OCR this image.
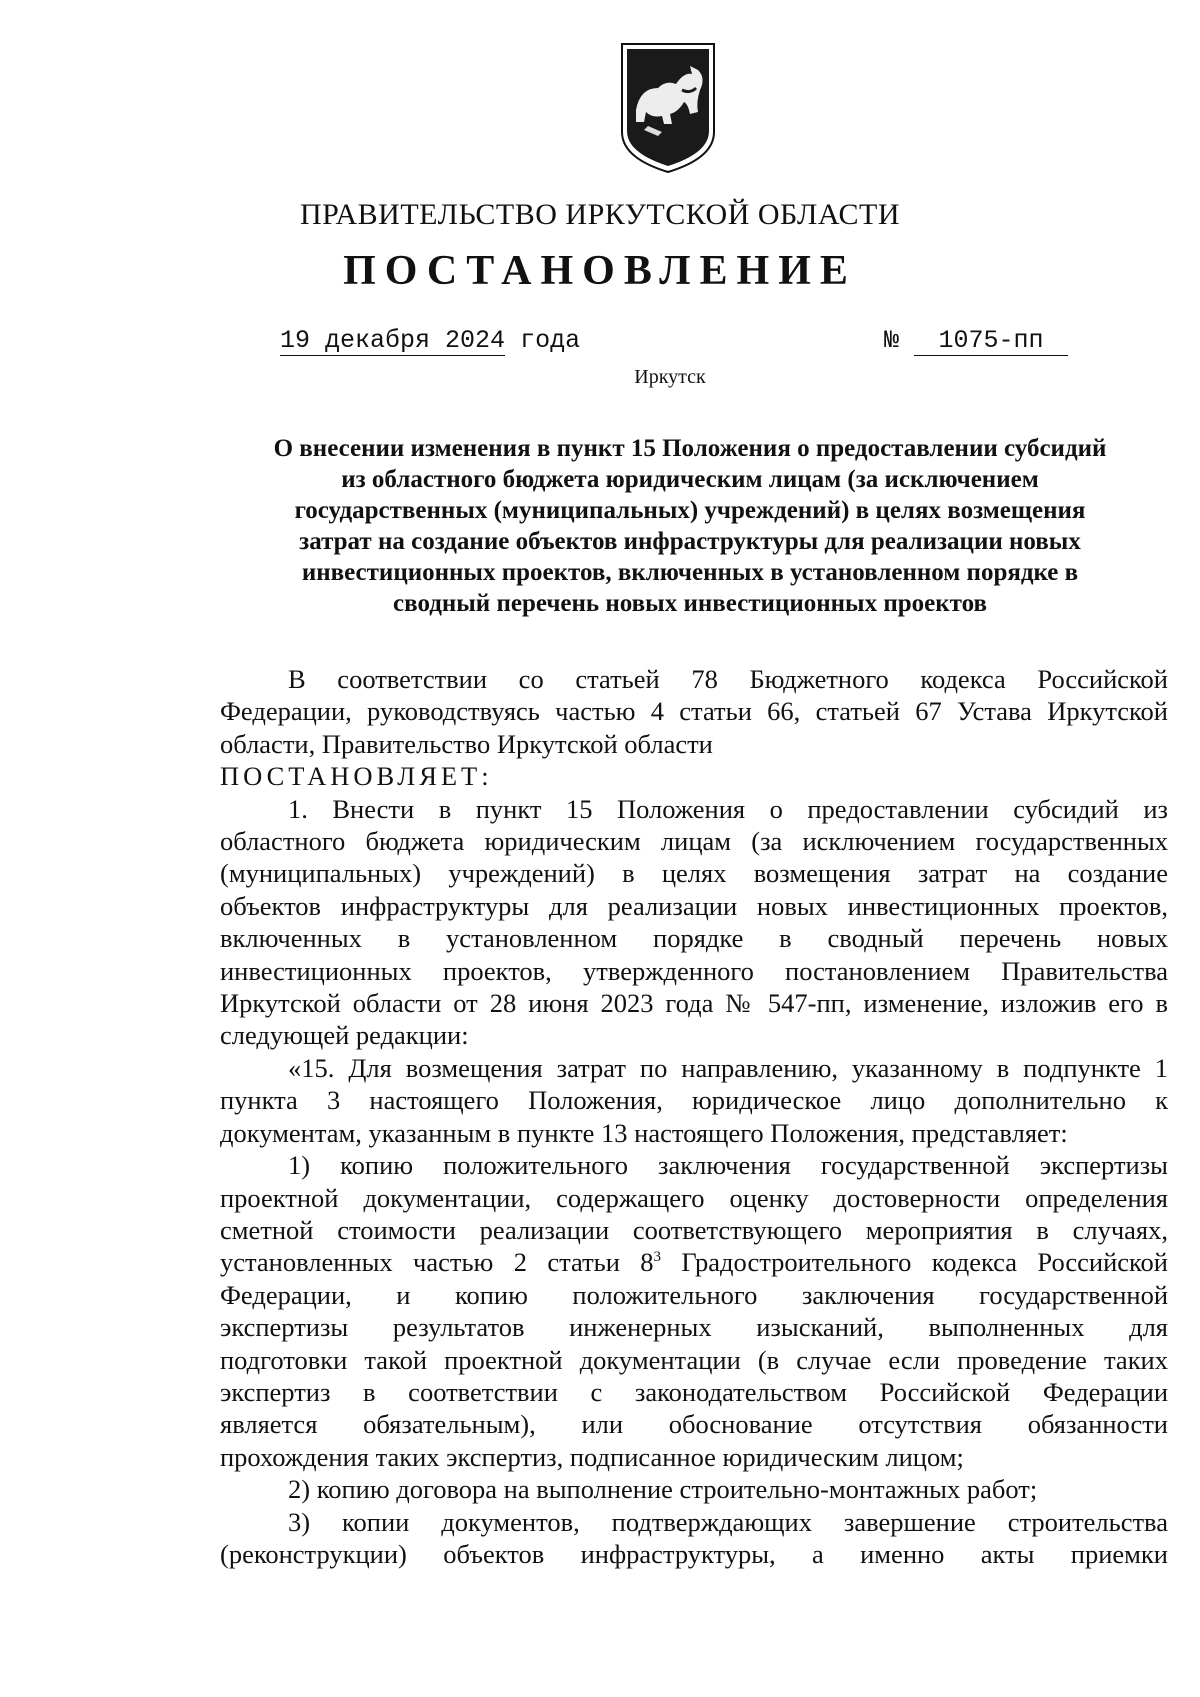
ПРАВИТЕЛЬСТВО ИРКУТСКОЙ ОБЛАСТИ
ПОСТАНОВЛЕНИЕ
19 декабря 2024 года	№ 1075-пп
Иркутск
О внесении изменения в пункт 15 Положения о предоставлении субсидий
из областного бюджета юридическим лицам (за исключением
государственных (муниципальных) учреждений) в целях возмещения
затрат на создание объектов инфраструктуры для реализации новых
инвестиционных проектов, включенных в установленном порядке в
сводный перечень новых инвестиционных проектов
В соответствии со статьей 78 Бюджетного кодекса Российской
Федерации, руководствуясь частью 4 статьи 66, статьей 67 Устава Иркутской
области, Правительство Иркутской области
ПОСТАНОВЛЯЕТ:
1. Внести в пункт 15 Положения о предоставлении субсидий из
областного бюджета юридическим лицам (за исключением государственных
(муниципальных) учреждений) в целях возмещения затрат на создание
объектов инфраструктуры для реализации новых инвестиционных проектов,
включенных в установленном порядке в сводный перечень новых
инвестиционных проектов, утвержденного постановлением Правительства
Иркутской области от 28 июня 2023 года № 547-пп, изменение, изложив его в
следующей редакции:
«15. Для возмещения затрат по направлению, указанному в подпункте 1
пункта 3 настоящего Положения, юридическое лицо дополнительно к
документам, указанным в пункте 13 настоящего Положения, представляет:
1) копию положительного заключения государственной экспертизы
проектной документации, содержащего оценку достоверности определения
сметной стоимости реализации соответствующего мероприятия в случаях,
установленных частью 2 статьи $8^3$ Градостроительного кодекса Российской
Федерации, и копию положительного заключения государственной
экспертизы результатов инженерных изысканий, выполненных для
подготовки такой проектной документации (в случае если проведение таких
экспертиз в соответствии с законодательством Российской Федерации
является обязательным), или обоснование отсутствия обязанности
прохождения таких экспертиз, подписанное юридическим лицом;
2) копию договора на выполнение строительно-монтажных работ;
3) копии документов, подтверждающих завершение строительства
(реконструкции) объектов инфраструктуры, а именно акты приемки
